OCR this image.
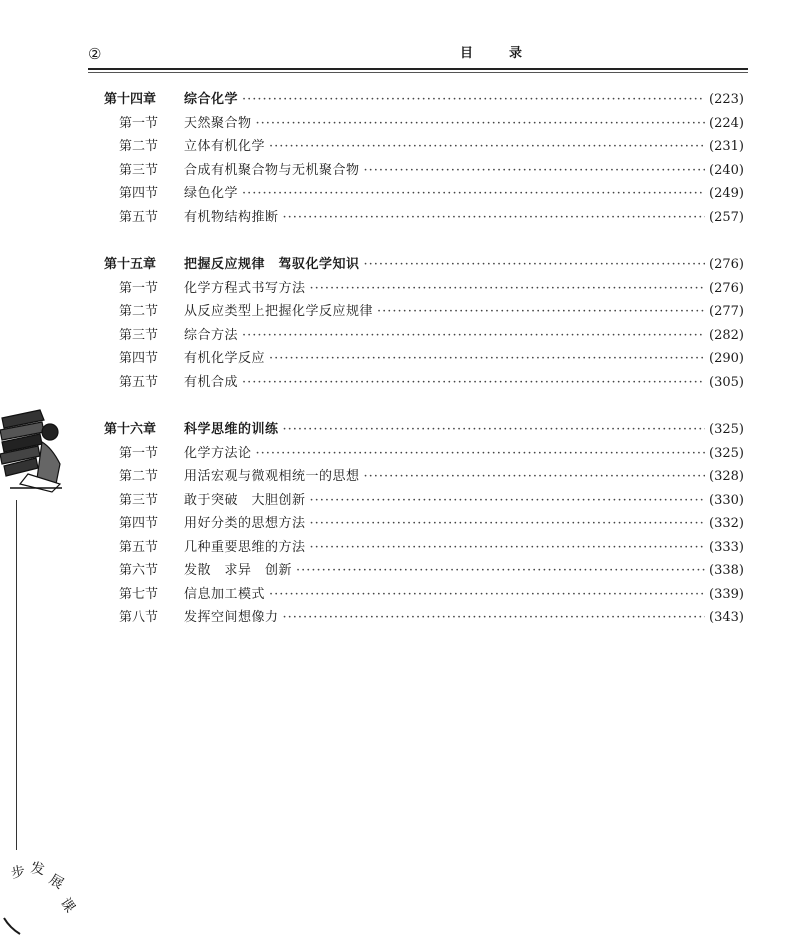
②	目	录
第十四章	综合化学 ·····	(223)
第一节	天然聚合物 ·····	(224)
第二节	立体有机化学 ·····	(231)
第三节	合成有机聚合物与无机聚合物 ·····	(240)
第四节	绿色化学 ·····	(249)
第五节	有机物结构推断 ·····	(257)
第十五章	把握反应规律　驾驭化学知识 ·····	(276)
第一节	化学方程式书写方法 ·····	(276)
第二节	从反应类型上把握化学反应规律 ·····	(277)
第三节	综合方法 ·····	(282)
第四节	有机化学反应 ·····	(290)
第五节	有机合成 ·····	(305)
第十六章	科学思维的训练 ·····	(325)
第一节	化学方法论 ·····	(325)
第二节	用活宏观与微观相统一的思想 ·····	(328)
第三节	敢于突破　大胆创新 ·····	(330)
第四节	用好分类的思想方法 ·····	(332)
第五节	几种重要思维的方法 ·····	(333)
第六节	发散　求异　创新 ·····	(338)
第七节	信息加工模式 ·····	(339)
第八节	发挥空间想像力 ·····	(343)
步 发
展
课
